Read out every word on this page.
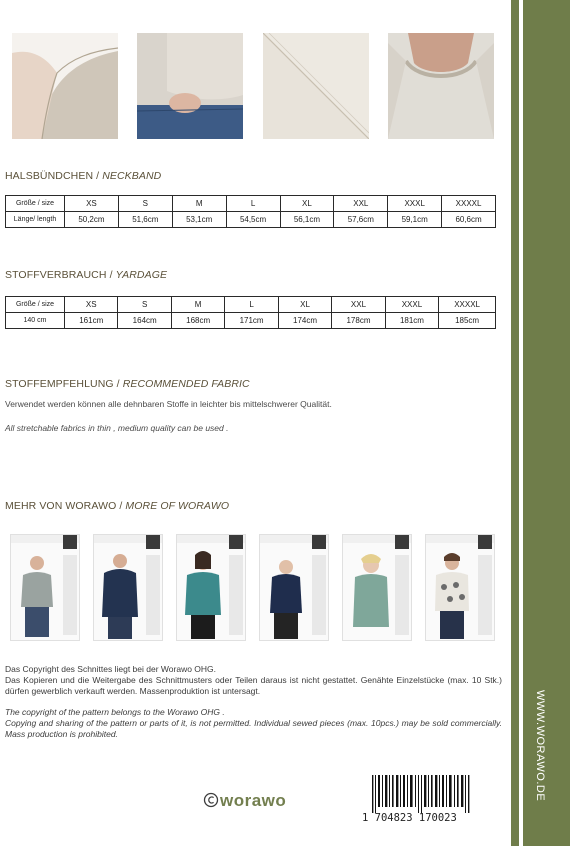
WWW.WORAWO.DE
HALSBÜNDCHEN / NECKBAND
Größe / size	XS	S	M	L	XL	XXL	XXXL	XXXXL
Länge/ length	50,2cm	51,6cm	53,1cm	54,5cm	56,1cm	57,6cm	59,1cm	60,6cm
STOFFVERBRAUCH / YARDAGE
Größe / size	XS	S	M	L	XL	XXL	XXXL	XXXXL
140 cm	161cm	164cm	168cm	171cm	174cm	178cm	181cm	185cm
STOFFEMPFEHLUNG / RECOMMENDED FABRIC

Verwendet werden können alle dehnbaren Stoffe in leichter bis mittelschwerer Qualität.

All stretchable fabrics in thin , medium quality can be used .

MEHR VON WORAWO / MORE OF WORAWO

Das Copyright des Schnittes liegt bei der Worawo OHG.

Das Kopieren und die Weitergabe des Schnittmusters oder Teilen daraus ist nicht gestattet. Genähte Einzelstücke (max. 10 Stk.) dürfen gewerblich verkauft werden. Massenproduktion ist untersagt.

The copyright of the pattern belongs to the Worawo OHG .

Copying and sharing of the pattern or parts of it, is not permitted. Individual sewed pieces (max. 10pcs.) may be sold commercially. Mass production is prohibited.

worawo
1 704823 170023
